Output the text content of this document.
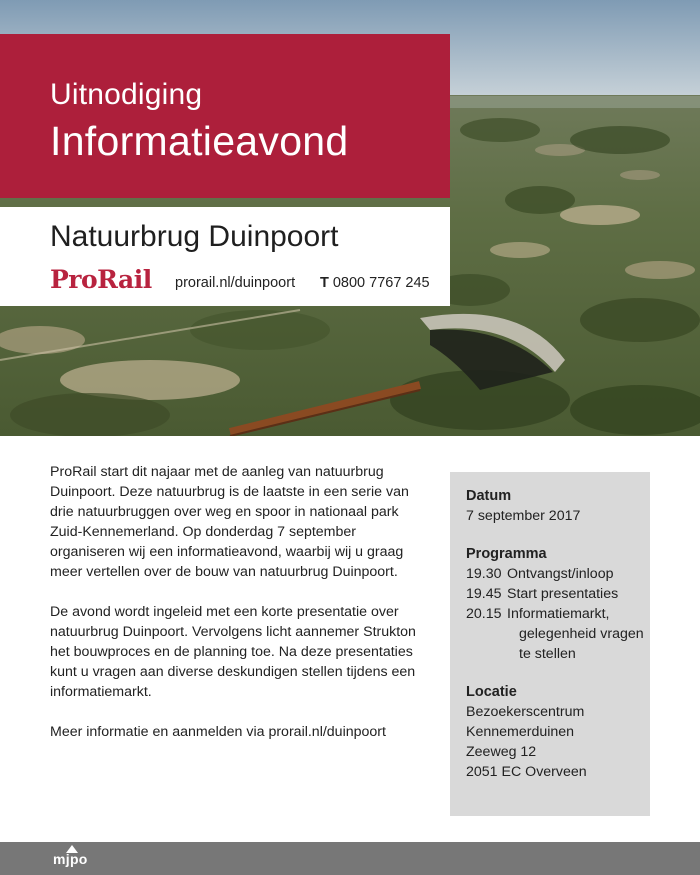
Uitnodiging
Informatieavond
Natuurbrug Duinpoort
ProRail prorail.nl/duinpoort T 0800 7767 245

ProRail start dit najaar met de aanleg van natuurbrug Duinpoort. Deze natuurbrug is de laatste in een serie van drie natuurbruggen over weg en spoor in nationaal park Zuid-Kennemerland. Op donderdag 7 september organiseren wij een informatieavond, waarbij wij u graag meer vertellen over de bouw van natuurbrug Duinpoort.

De avond wordt ingeleid met een korte presentatie over natuurbrug Duinpoort. Vervolgens licht aannemer Strukton het bouwproces en de planning toe. Na deze presentaties kunt u vragen aan diverse deskundigen stellen tijdens een informatiemarkt.

Meer informatie en aanmelden via prorail.nl/duinpoort

Datum
7 september 2017
Programma
19.30 Ontvangst/inloop
19.45 Start presentaties
20.15 Informatiemarkt,
gelegenheid vragen
te stellen
Locatie
Bezoekerscentrum
Kennemerduinen
Zeeweg 12
2051 EC Overveen
mjpo
